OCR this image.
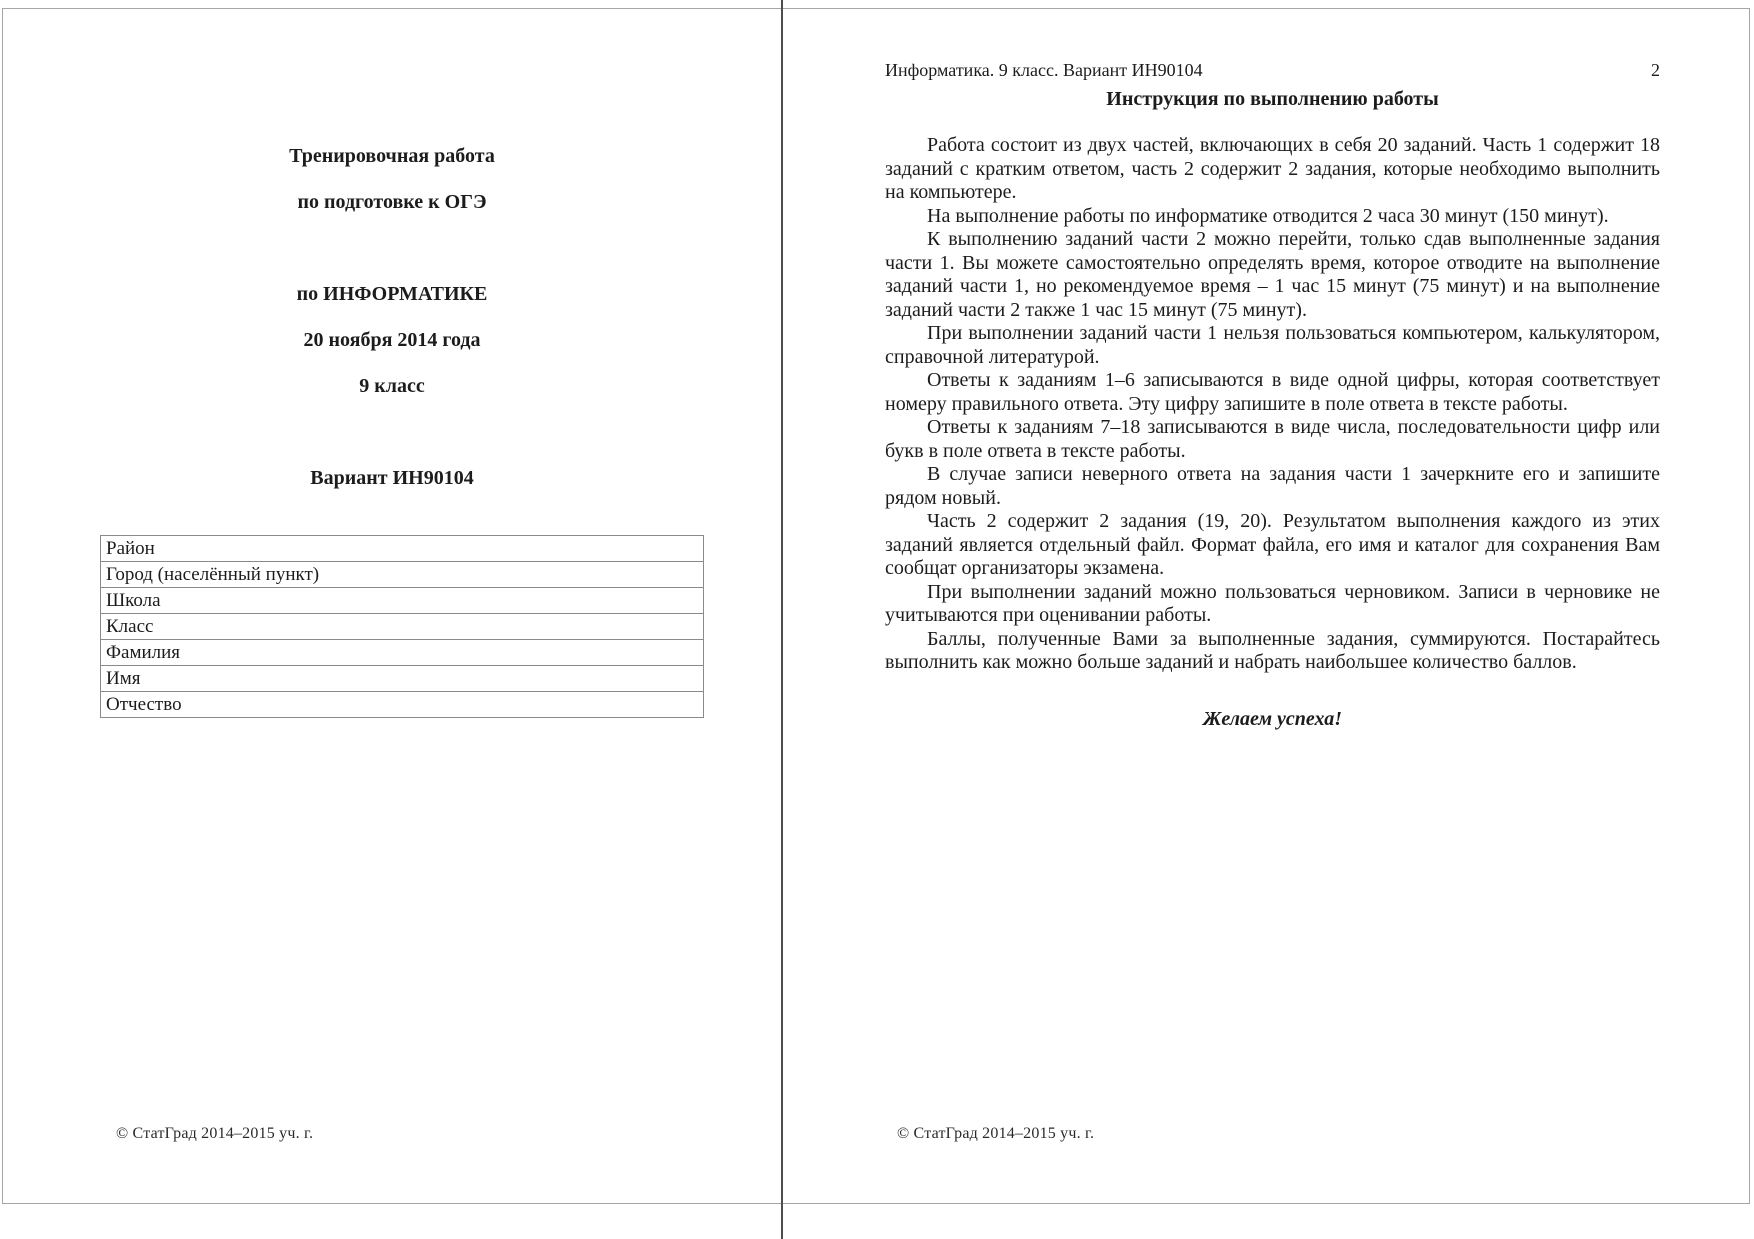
Тренировочная работа

по подготовке к ОГЭ

по ИНФОРМАТИКЕ

20 ноября 2014 года

9 класс

Вариант ИН90104

Район
Город (населённый пункт)
Школа
Класс
Фамилия
Имя
Отчество
© СтатГрад 2014–2015 уч. г.
Информатика. 9 класс. Вариант ИН90104	2
Инструкция по выполнению работы

Работа состоит из двух частей, включающих в себя 20 заданий. Часть 1 содержит 18 заданий с кратким ответом, часть 2 содержит 2 задания, которые необходимо выполнить на компьютере.

На выполнение работы по информатике отводится 2 часа 30 минут (150 минут).

К выполнению заданий части 2 можно перейти, только сдав выполненные задания части 1. Вы можете самостоятельно определять время, которое отводите на выполнение заданий части 1, но рекомендуемое время – 1 час 15 минут (75 минут) и на выполнение заданий части 2 также 1 час 15 минут (75 минут).

При выполнении заданий части 1 нельзя пользоваться компьютером, калькулятором, справочной литературой.

Ответы к заданиям 1–6 записываются в виде одной цифры, которая соответствует номеру правильного ответа. Эту цифру запишите в поле ответа в тексте работы.

Ответы к заданиям 7–18 записываются в виде числа, последовательности цифр или букв в поле ответа в тексте работы.

В случае записи неверного ответа на задания части 1 зачеркните его и запишите рядом новый.

Часть 2 содержит 2 задания (19, 20). Результатом выполнения каждого из этих заданий является отдельный файл. Формат файла, его имя и каталог для сохранения Вам сообщат организаторы экзамена.

При выполнении заданий можно пользоваться черновиком. Записи в черновике не учитываются при оценивании работы.

Баллы, полученные Вами за выполненные задания, суммируются. Постарайтесь выполнить как можно больше заданий и набрать наибольшее количество баллов.

Желаем успеха!
© СтатГрад 2014–2015 уч. г.
